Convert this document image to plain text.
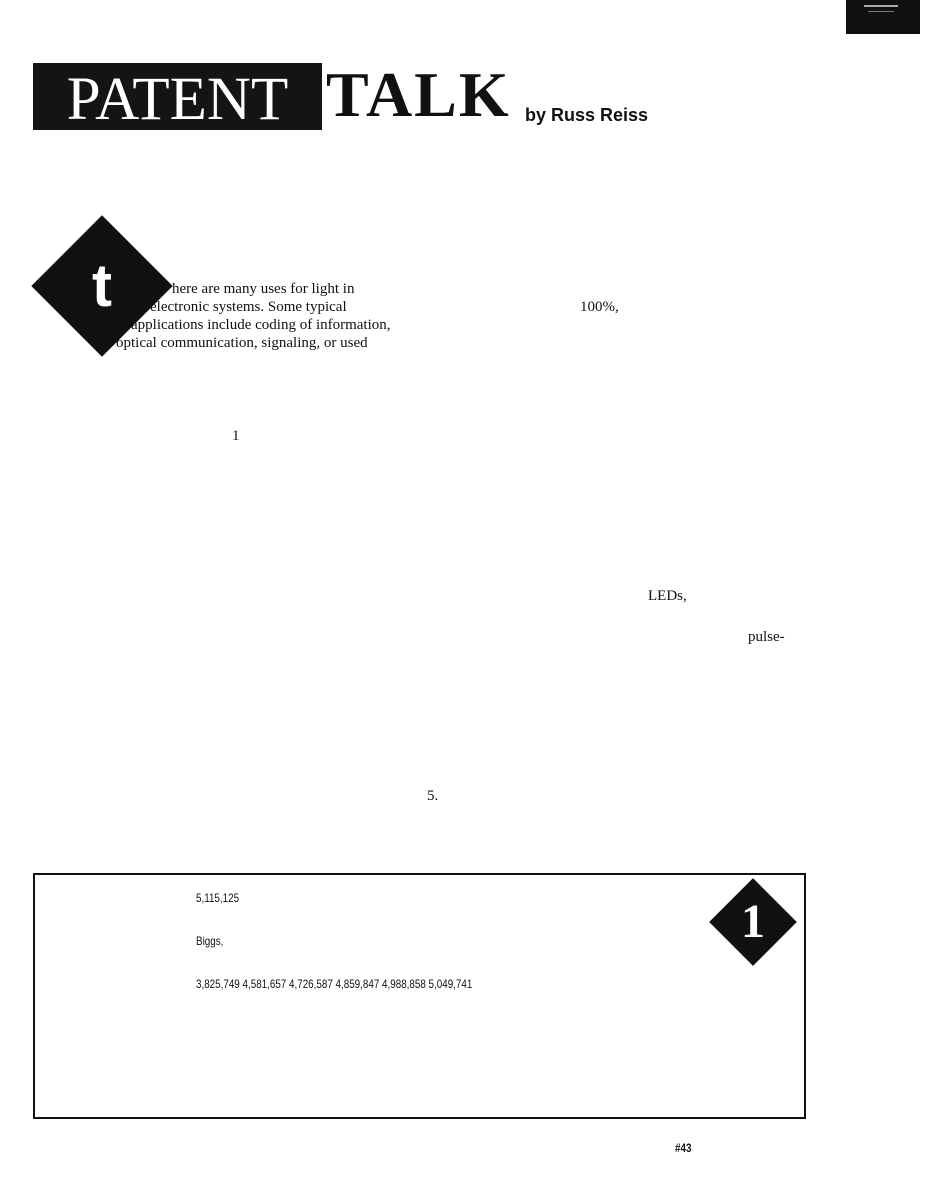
PATENT TALK by Russ Reiss
t	here are many uses for light in
electronic systems. Some typical
applications include coding of information,
optical communication, signaling, or used
1
100%,
LEDs,
pulse-
5.
5,115,125
Biggs,
3,825,749 4,581,657 4,726,587 4,859,847 4,988,858 5,049,741
1
#43
